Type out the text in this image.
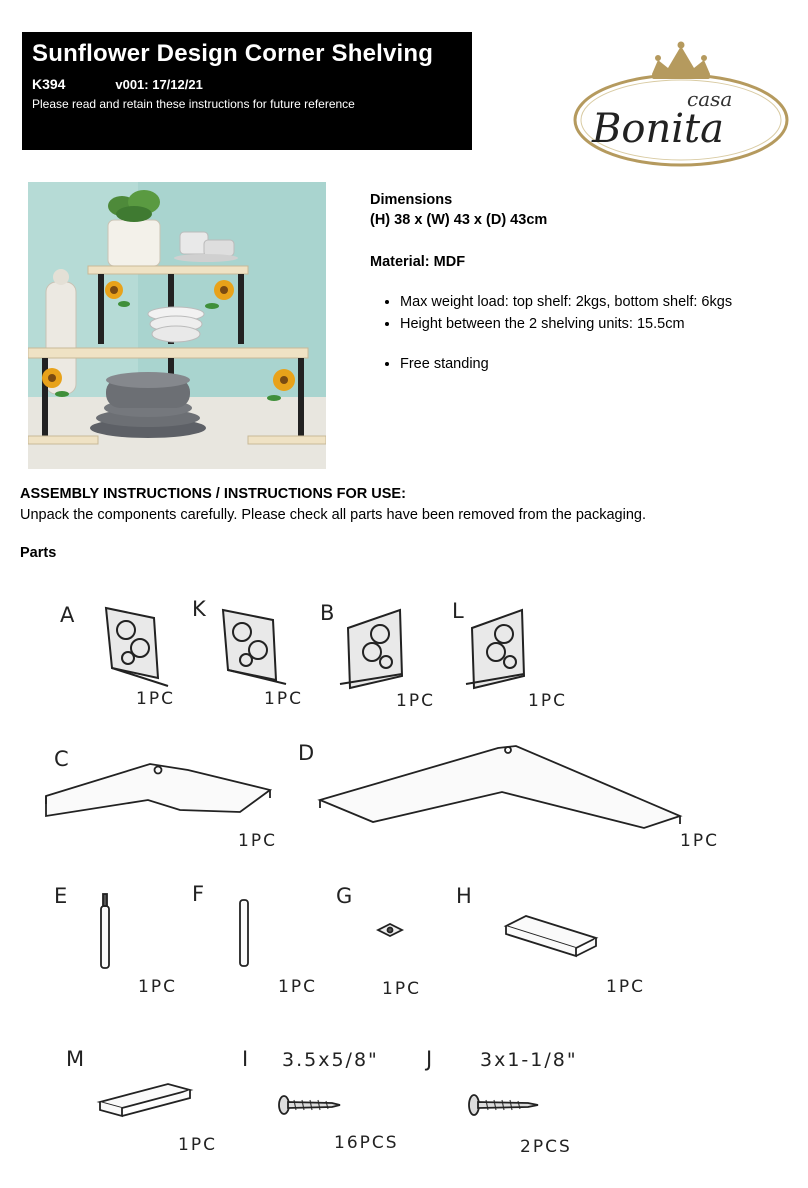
Sunflower Design Corner Shelving
K394	v001: 17/12/21
Please read and retain these instructions for future reference	casa
Bonita
Dimensions
(H) 38 x (W) 43 x (D) 43cm
Material: MDF
• Max weight load: top shelf: 2kgs, bottom shelf: 6kgs
• Height between the 2 shelving units: 15.5cm
• Free standing
ASSEMBLY INSTRUCTIONS / INSTRUCTIONS FOR USE:
Unpack the components carefully. Please check all parts have been removed from the packaging.
Parts
A	K	B	L
1PC	1PC	1PC	1PC
C
1PC
D
1PC
E	F
1PC	1PC
G
1PC
H
1PC
M
1PC
I 3.5x5/8"
16PCS
J	3x1-1/8"
2PCS
